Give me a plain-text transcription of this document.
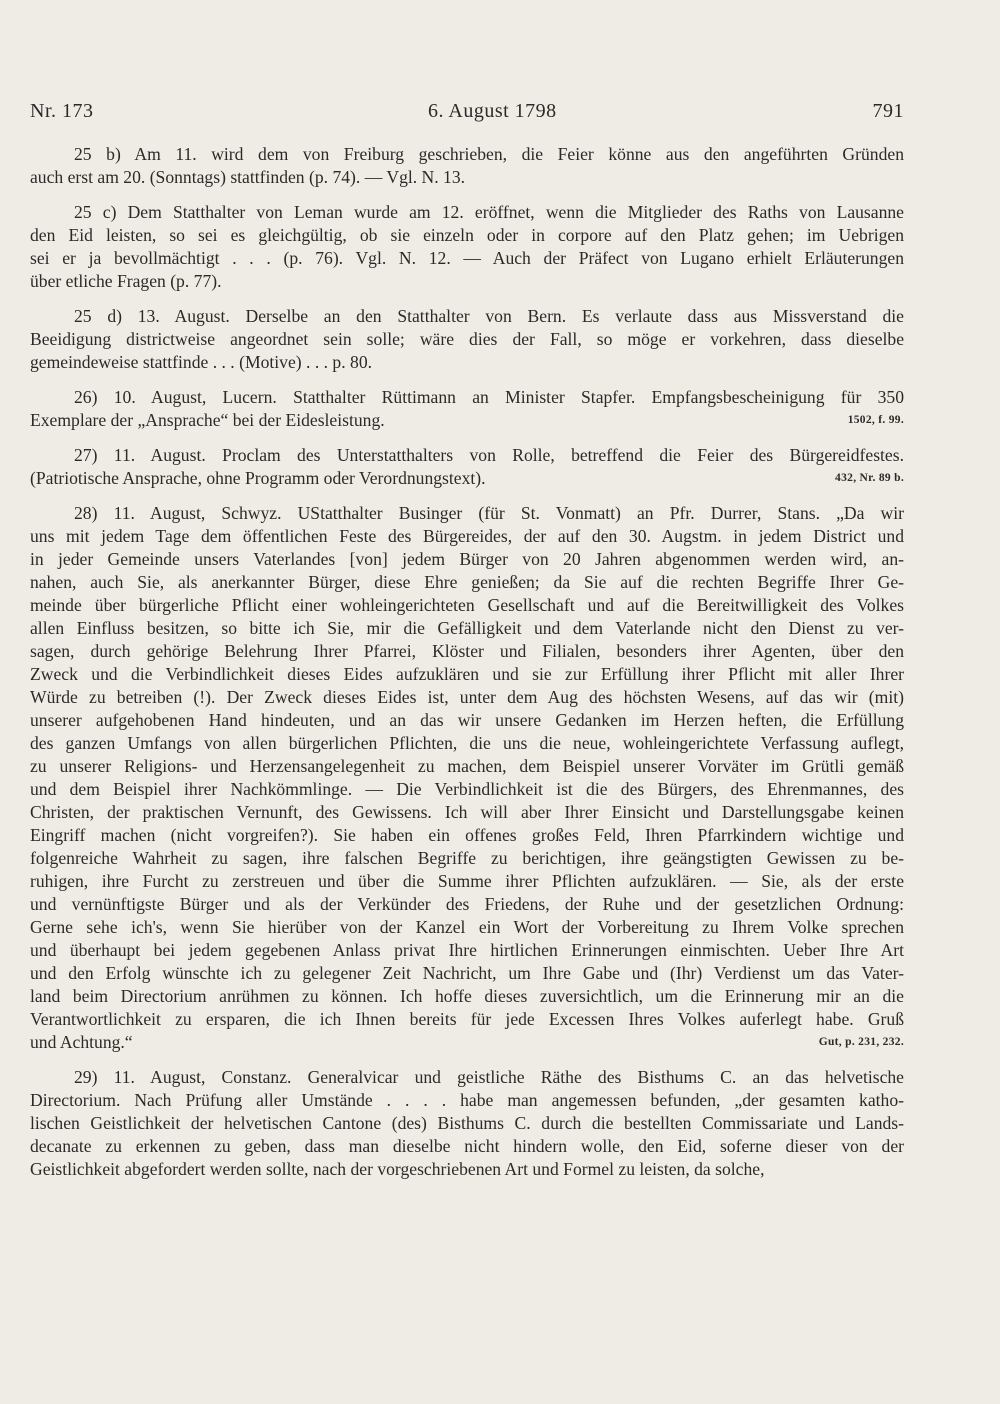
Nr. 173	6. August 1798	791
25 b) Am 11. wird dem von Freiburg geschrieben, die Feier könne aus den angeführten Gründen
auch erst am 20. (Sonntags) stattfinden (p. 74). — Vgl. N. 13.
25 c) Dem Statthalter von Leman wurde am 12. eröffnet, wenn die Mitglieder des Raths von Lausanne
den Eid leisten, so sei es gleichgültig, ob sie einzeln oder in corpore auf den Platz gehen; im Uebrigen
sei er ja bevollmächtigt . . . (p. 76). Vgl. N. 12. — Auch der Präfect von Lugano erhielt Erläuterungen
über etliche Fragen (p. 77).
25 d) 13. August. Derselbe an den Statthalter von Bern. Es verlaute dass aus Missverstand die
Beeidigung districtweise angeordnet sein solle; wäre dies der Fall, so möge er vorkehren, dass dieselbe
gemeindeweise stattfinde . . . (Motive) . . . p. 80.
26) 10. August, Lucern. Statthalter Rüttimann an Minister Stapfer. Empfangsbescheinigung für 350
Exemplare der „Ansprache“ bei der Eidesleistung.	1502, f. 99.
27) 11. August. Proclam des Unterstatthalters von Rolle, betreffend die Feier des Bürgereidfestes.
(Patriotische Ansprache, ohne Programm oder Verordnungstext).	432, Nr. 89 b.
28) 11. August, Schwyz. UStatthalter Businger (für St. Vonmatt) an Pfr. Durrer, Stans. „Da wir
uns mit jedem Tage dem öffentlichen Feste des Bürgereides, der auf den 30. Augstm. in jedem District und
in jeder Gemeinde unsers Vaterlandes [von] jedem Bürger von 20 Jahren abgenommen werden wird, an-
nahen, auch Sie, als anerkannter Bürger, diese Ehre genießen; da Sie auf die rechten Begriffe Ihrer Ge-
meinde über bürgerliche Pflicht einer wohleingerichteten Gesellschaft und auf die Bereitwilligkeit des Volkes
allen Einfluss besitzen, so bitte ich Sie, mir die Gefälligkeit und dem Vaterlande nicht den Dienst zu ver-
sagen, durch gehörige Belehrung Ihrer Pfarrei, Klöster und Filialen, besonders ihrer Agenten, über den
Zweck und die Verbindlichkeit dieses Eides aufzuklären und sie zur Erfüllung ihrer Pflicht mit aller Ihrer
Würde zu betreiben (!). Der Zweck dieses Eides ist, unter dem Aug des höchsten Wesens, auf das wir (mit)
unserer aufgehobenen Hand hindeuten, und an das wir unsere Gedanken im Herzen heften, die Erfüllung
des ganzen Umfangs von allen bürgerlichen Pflichten, die uns die neue, wohleingerichtete Verfassung auflegt,
zu unserer Religions- und Herzensangelegenheit zu machen, dem Beispiel unserer Vorväter im Grütli gemäß
und dem Beispiel ihrer Nachkömmlinge. — Die Verbindlichkeit ist die des Bürgers, des Ehrenmannes, des
Christen, der praktischen Vernunft, des Gewissens. Ich will aber Ihrer Einsicht und Darstellungsgabe keinen
Eingriff machen (nicht vorgreifen?). Sie haben ein offenes großes Feld, Ihren Pfarrkindern wichtige und
folgenreiche Wahrheit zu sagen, ihre falschen Begriffe zu berichtigen, ihre geängstigten Gewissen zu be-
ruhigen, ihre Furcht zu zerstreuen und über die Summe ihrer Pflichten aufzuklären. — Sie, als der erste
und vernünftigste Bürger und als der Verkünder des Friedens, der Ruhe und der gesetzlichen Ordnung:
Gerne sehe ich's, wenn Sie hierüber von der Kanzel ein Wort der Vorbereitung zu Ihrem Volke sprechen
und überhaupt bei jedem gegebenen Anlass privat Ihre hirtlichen Erinnerungen einmischten. Ueber Ihre Art
und den Erfolg wünschte ich zu gelegener Zeit Nachricht, um Ihre Gabe und (Ihr) Verdienst um das Vater-
land beim Directorium anrühmen zu können. Ich hoffe dieses zuversichtlich, um die Erinnerung mir an die
Verantwortlichkeit zu ersparen, die ich Ihnen bereits für jede Excessen Ihres Volkes auferlegt habe. Gruß
und Achtung.“	Gut, p. 231, 232.
29) 11. August, Constanz. Generalvicar und geistliche Räthe des Bisthums C. an das helvetische
Directorium. Nach Prüfung aller Umstände . . . . habe man angemessen befunden, „der gesamten katho-
lischen Geistlichkeit der helvetischen Cantone (des) Bisthums C. durch die bestellten Commissariate und Lands-
decanate zu erkennen zu geben, dass man dieselbe nicht hindern wolle, den Eid, soferne dieser von der
Geistlichkeit abgefordert werden sollte, nach der vorgeschriebenen Art und Formel zu leisten, da solche,
